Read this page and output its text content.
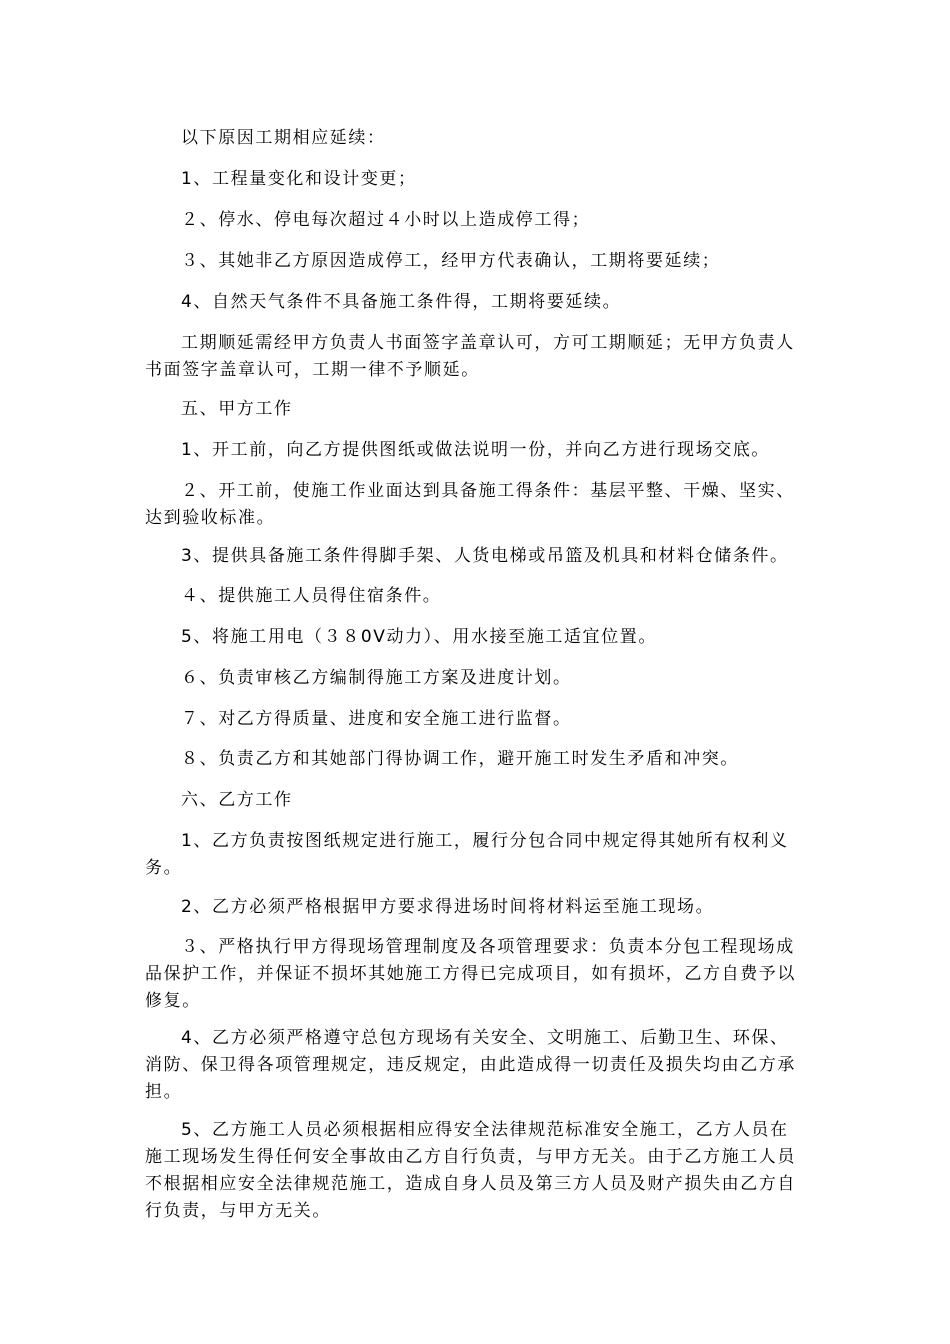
以下原因工期相应延续：

1、工程量变化和设计变更；

２、停水、停电每次超过４小时以上造成停工得；

３、其她非乙方原因造成停工，经甲方代表确认，工期将要延续；

4、自然天气条件不具备施工条件得，工期将要延续。

工期顺延需经甲方负责人书面签字盖章认可，方可工期顺延；无甲方负责人书面签字盖章认可，工期一律不予顺延。

五、甲方工作

1、开工前，向乙方提供图纸或做法说明一份，并向乙方进行现场交底。

２、开工前，使施工作业面达到具备施工得条件：基层平整、干燥、坚实、达到验收标准。

3、提供具备施工条件得脚手架、人货电梯或吊篮及机具和材料仓储条件。

４、提供施工人员得住宿条件。

5、将施工用电（３８0V动力）、用水接至施工适宜位置。

６、负责审核乙方编制得施工方案及进度计划。

７、对乙方得质量、进度和安全施工进行监督。

８、负责乙方和其她部门得协调工作，避开施工时发生矛盾和冲突。

六、乙方工作

1、乙方负责按图纸规定进行施工，履行分包合同中规定得其她所有权利义务。

2、乙方必须严格根据甲方要求得进场时间将材料运至施工现场。

３、严格执行甲方得现场管理制度及各项管理要求：负责本分包工程现场成品保护工作，并保证不损坏其她施工方得已完成项目，如有损坏，乙方自费予以修复。

4、乙方必须严格遵守总包方现场有关安全、文明施工、后勤卫生、环保、消防、保卫得各项管理规定，违反规定，由此造成得一切责任及损失均由乙方承担。

5、乙方施工人员必须根据相应得安全法律规范标准安全施工，乙方人员在施工现场发生得任何安全事故由乙方自行负责，与甲方无关。由于乙方施工人员不根据相应安全法律规范施工，造成自身人员及第三方人员及财产损失由乙方自行负责，与甲方无关。
